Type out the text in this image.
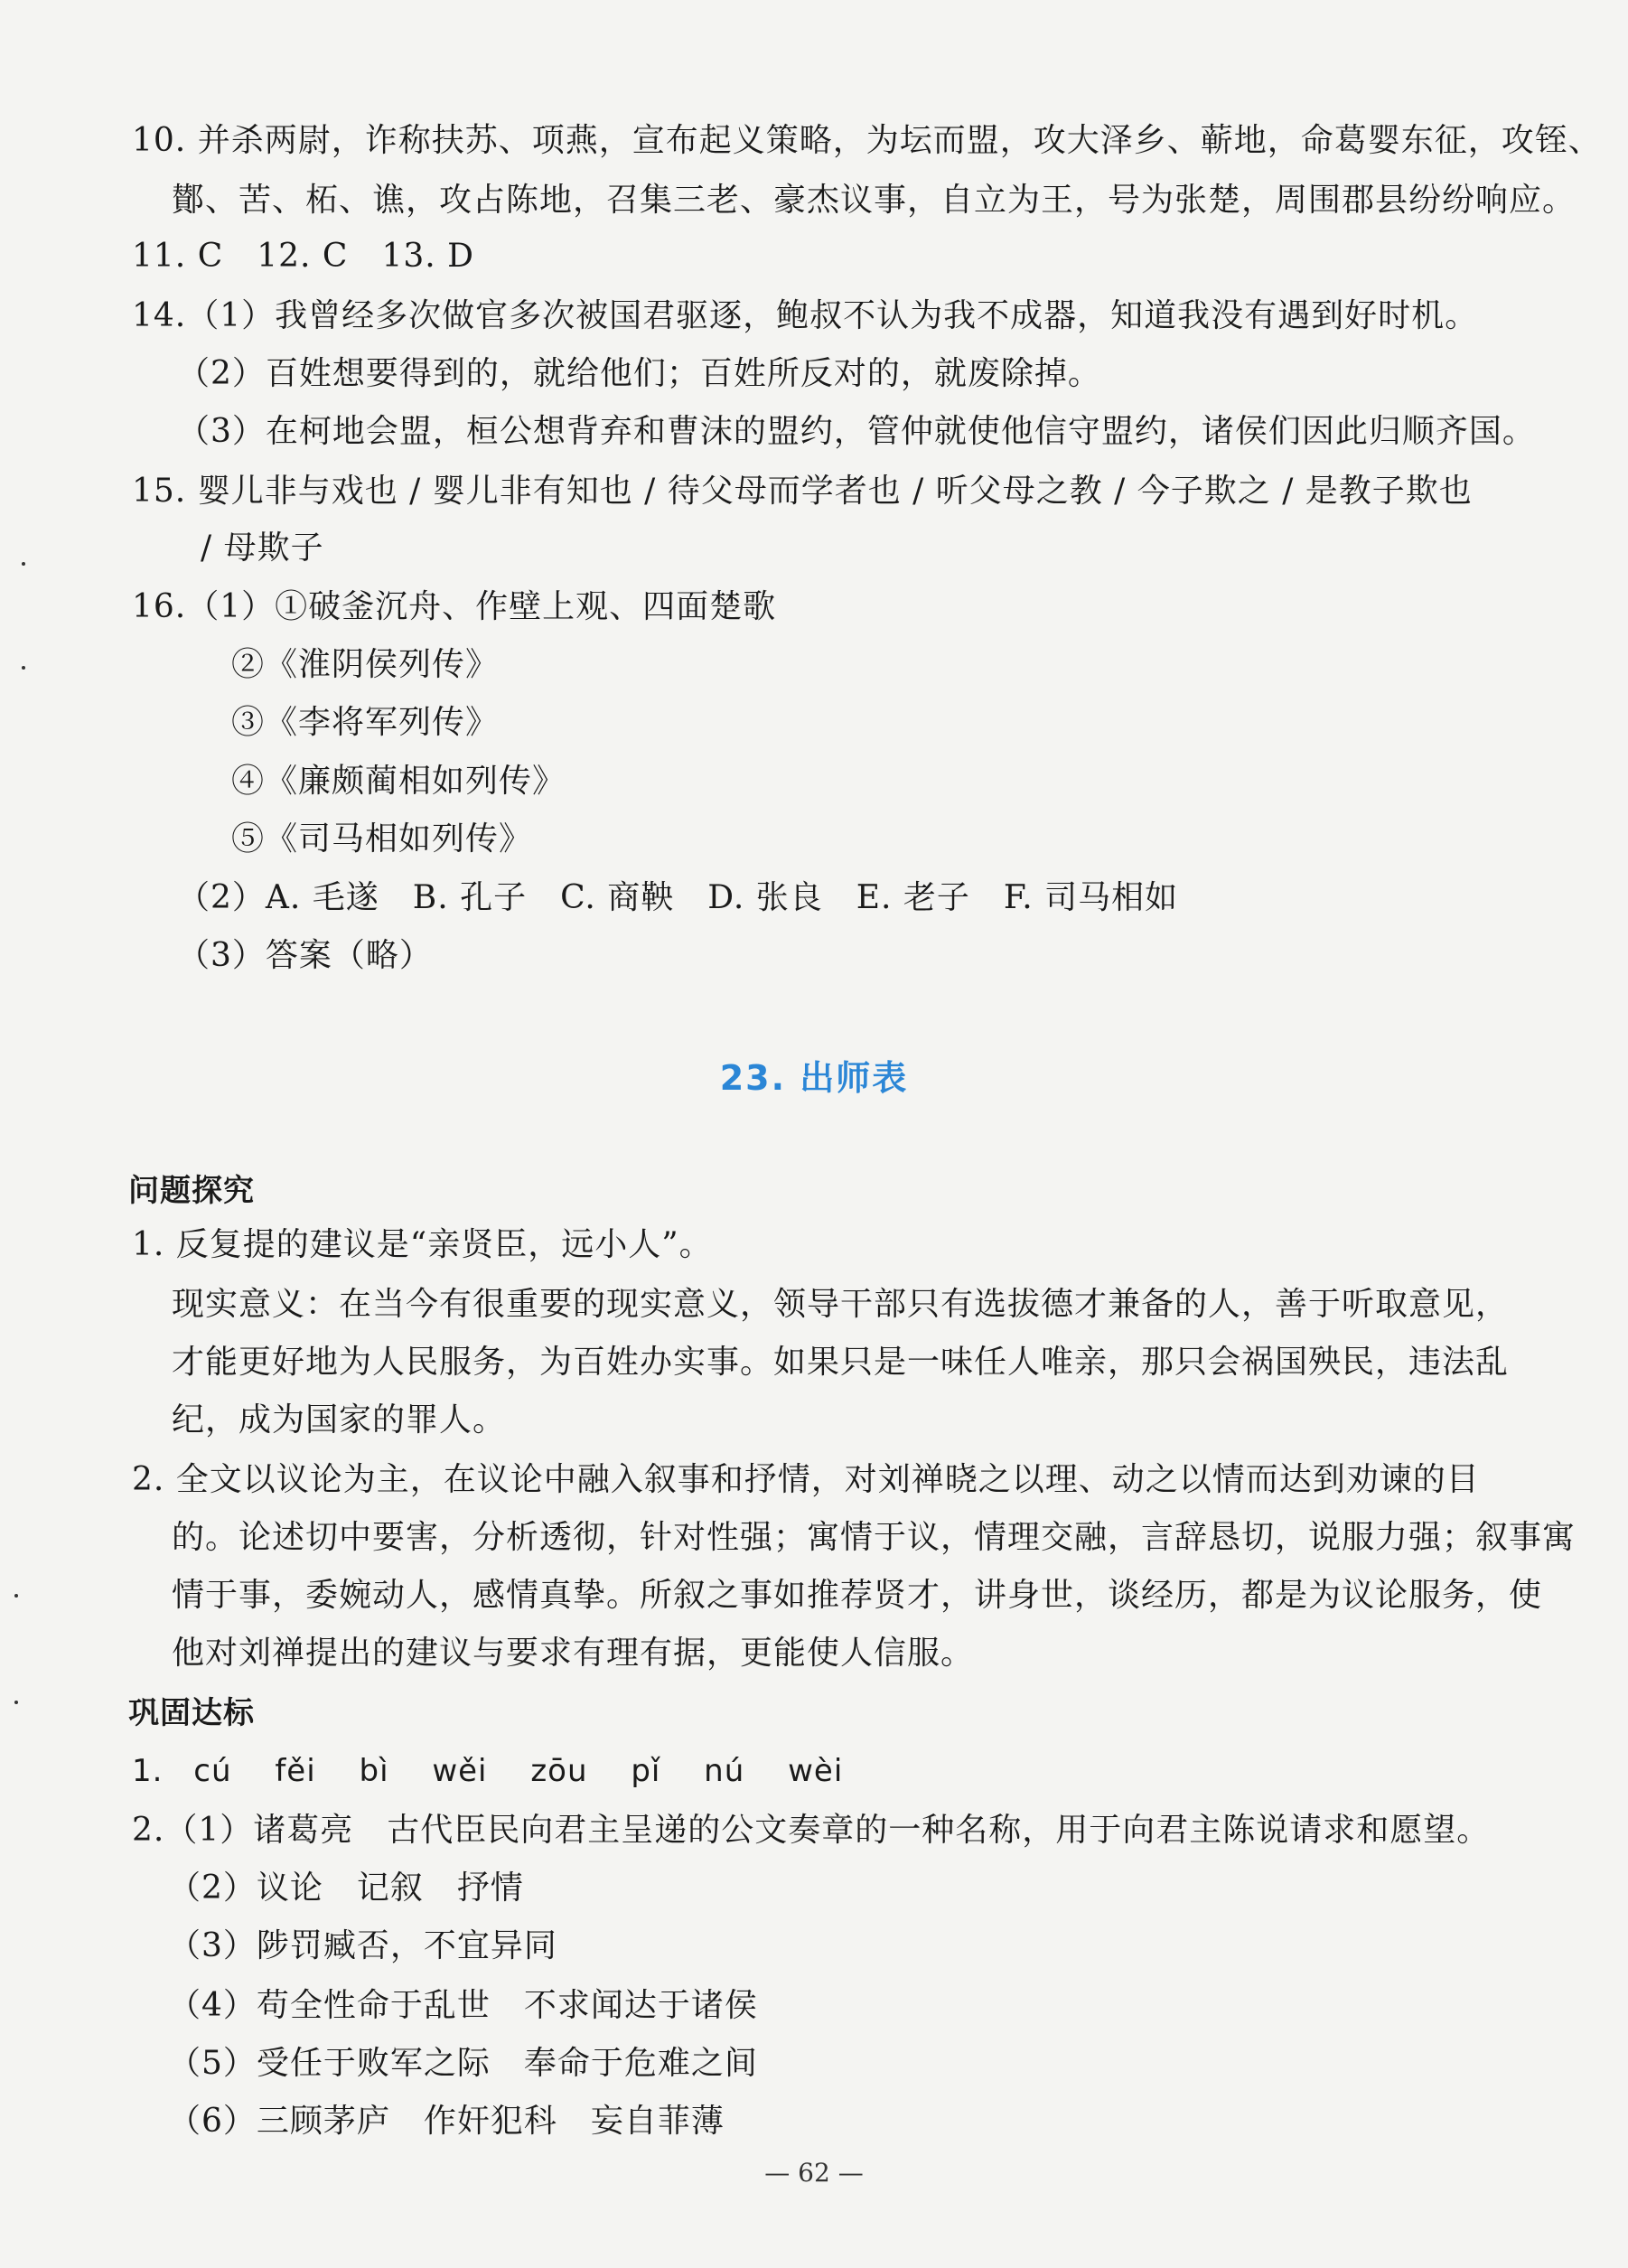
10. 并杀两尉，诈称扶苏、项燕，宣布起义策略，为坛而盟，攻大泽乡、蕲地，命葛婴东征，攻铚、
鄼、苦、柘、谯，攻占陈地，召集三老、豪杰议事，自立为王，号为张楚，周围郡县纷纷响应。
11. C　12. C　13. D
14.（1）我曾经多次做官多次被国君驱逐，鲍叔不认为我不成器，知道我没有遇到好时机。
（2）百姓想要得到的，就给他们；百姓所反对的，就废除掉。
（3）在柯地会盟，桓公想背弃和曹沫的盟约，管仲就使他信守盟约，诸侯们因此归顺齐国。
15. 婴儿非与戏也 / 婴儿非有知也 / 待父母而学者也 / 听父母之教 / 今子欺之 / 是教子欺也
/ 母欺子
16.（1）①破釜沉舟、作壁上观、四面楚歌
②《淮阴侯列传》
③《李将军列传》
④《廉颇蔺相如列传》
⑤《司马相如列传》
（2）A. 毛遂　B. 孔子　C. 商鞅　D. 张良　E. 老子　F. 司马相如
（3）答案（略）
23. 出师表
问题探究
1. 反复提的建议是“亲贤臣，远小人”。
现实意义：在当今有很重要的现实意义，领导干部只有选拔德才兼备的人，善于听取意见，
才能更好地为人民服务，为百姓办实事。如果只是一味任人唯亲，那只会祸国殃民，违法乱
纪，成为国家的罪人。
2. 全文以议论为主，在议论中融入叙事和抒情，对刘禅晓之以理、动之以情而达到劝谏的目
的。论述切中要害，分析透彻，针对性强；寓情于议，情理交融，言辞恳切，说服力强；叙事寓
情于事，委婉动人，感情真挚。所叙之事如推荐贤才，讲身世，谈经历，都是为议论服务，使
他对刘禅提出的建议与要求有理有据，更能使人信服。
巩固达标
1. cú fěi bì wěi zōu pǐ nú wèi
2.（1）诸葛亮　古代臣民向君主呈递的公文奏章的一种名称，用于向君主陈说请求和愿望。
（2）议论　记叙　抒情
（3）陟罚臧否，不宜异同
（4）苟全性命于乱世　不求闻达于诸侯
（5）受任于败军之际　奉命于危难之间
（6）三顾茅庐　作奸犯科　妄自菲薄
— 62 —
